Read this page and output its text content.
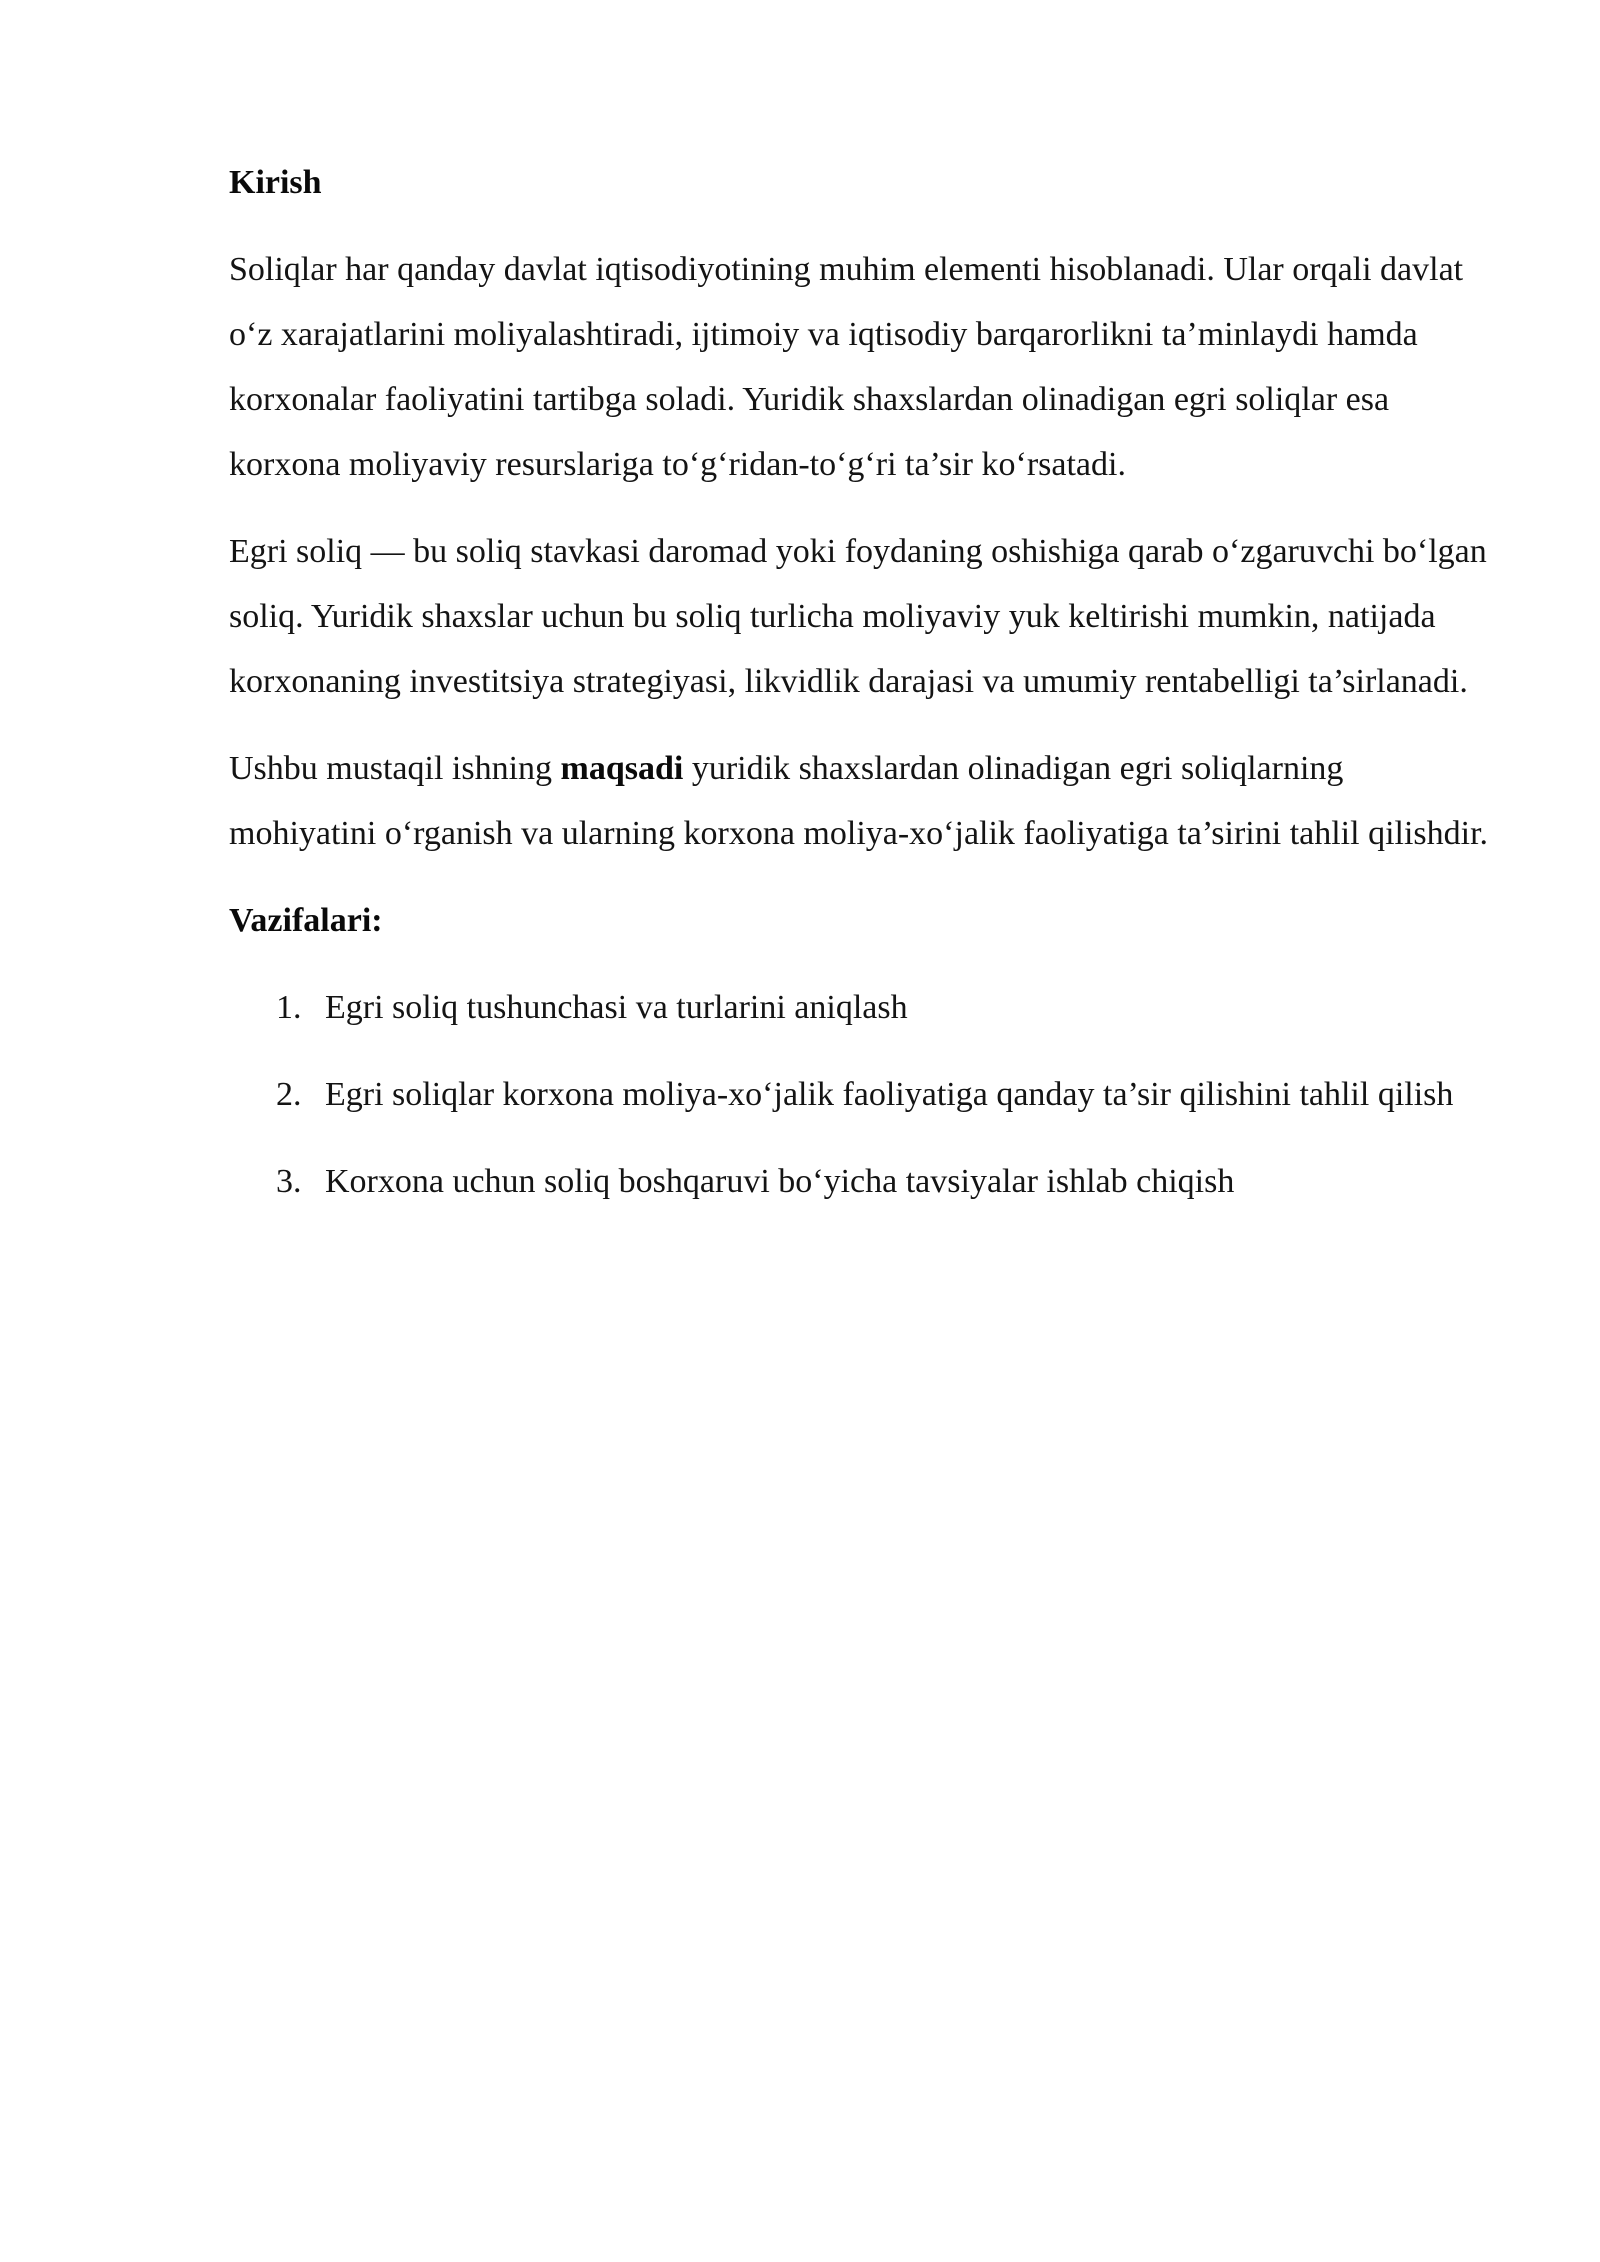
Kirish

Soliqlar har qanday davlat iqtisodiyotining muhim elementi hisoblanadi. Ular orqali davlat o‘z xarajatlarini moliyalashtiradi, ijtimoiy va iqtisodiy barqarorlikni ta’minlaydi hamda korxonalar faoliyatini tartibga soladi. Yuridik shaxslardan olinadigan egri soliqlar esa korxona moliyaviy resurslariga to‘g‘ridan-to‘g‘ri ta’sir ko‘rsatadi.

Egri soliq — bu soliq stavkasi daromad yoki foydaning oshishiga qarab o‘zgaruvchi bo‘lgan soliq. Yuridik shaxslar uchun bu soliq turlicha moliyaviy yuk keltirishi mumkin, natijada korxonaning investitsiya strategiyasi, likvidlik darajasi va umumiy rentabelligi ta’sirlanadi.

Ushbu mustaqil ishning maqsadi yuridik shaxslardan olinadigan egri soliqlarning mohiyatini o‘rganish va ularning korxona moliya-xo‘jalik faoliyatiga ta’sirini tahlil qilishdir.

Vazifalari:
1. Egri soliq tushunchasi va turlarini aniqlash
2. Egri soliqlar korxona moliya-xo‘jalik faoliyatiga qanday ta’sir qilishini tahlil qilish
3. Korxona uchun soliq boshqaruvi bo‘yicha tavsiyalar ishlab chiqish
